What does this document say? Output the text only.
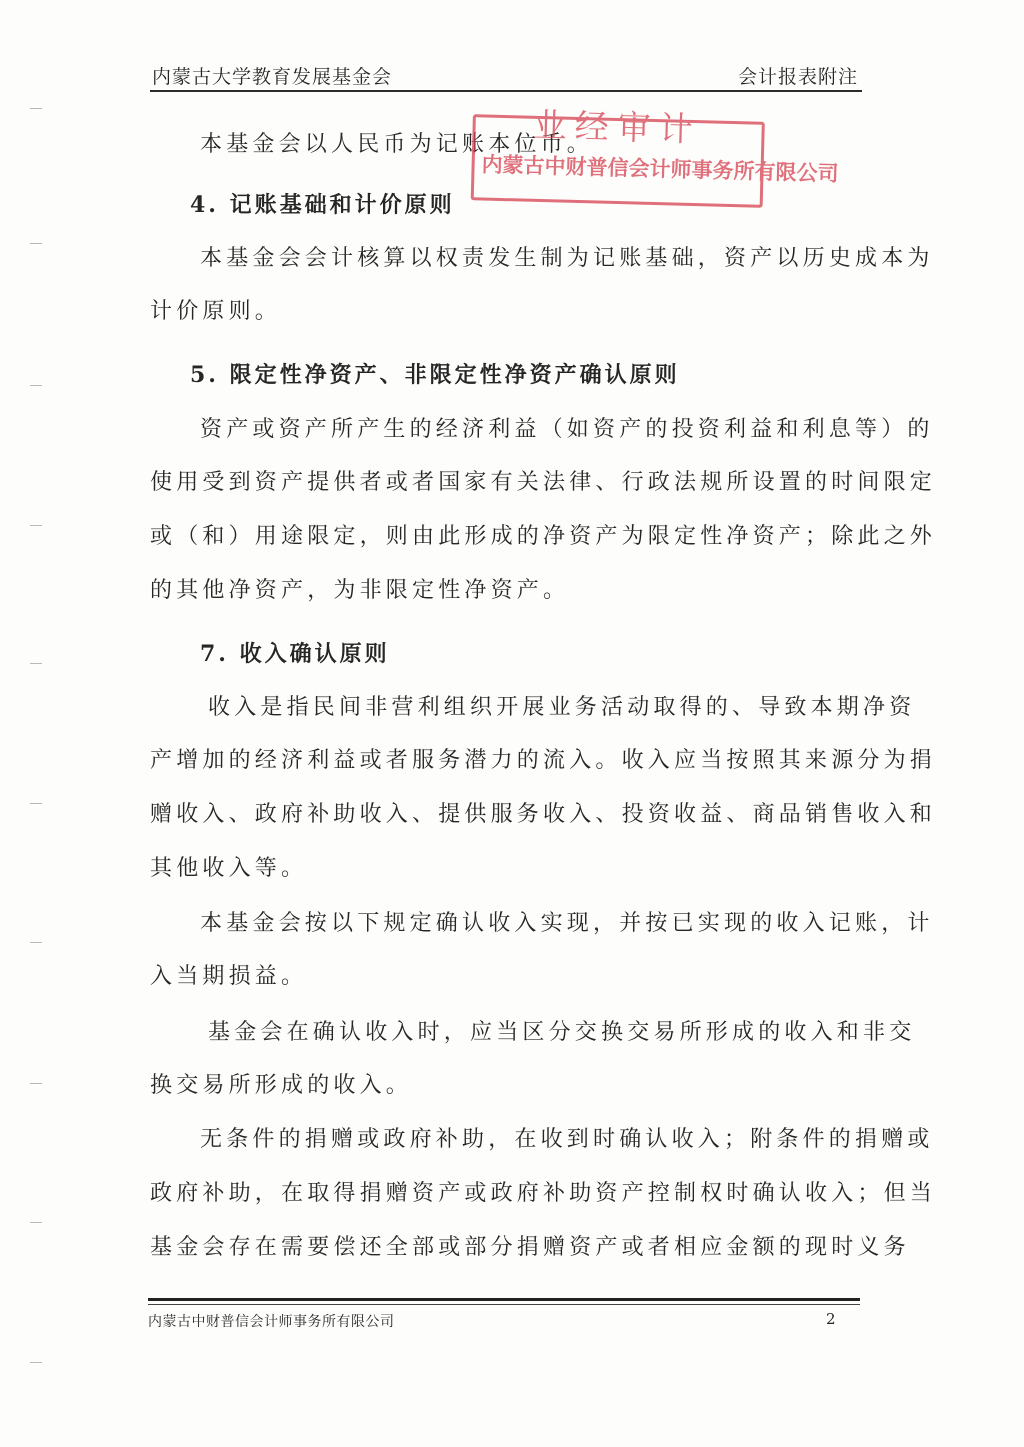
内蒙古大学教育发展基金会	会计报表附注
本基金会以人民币为记账本位币。
4. 记账基础和计价原则
本基金会会计核算以权责发生制为记账基础，资产以历史成本为
计价原则。
5. 限定性净资产、非限定性净资产确认原则
资产或资产所产生的经济利益（如资产的投资利益和利息等）的
使用受到资产提供者或者国家有关法律、行政法规所设置的时间限定
或（和）用途限定，则由此形成的净资产为限定性净资产；除此之外
的其他净资产，为非限定性净资产。
7. 收入确认原则
收入是指民间非营利组织开展业务活动取得的、导致本期净资
产增加的经济利益或者服务潜力的流入。收入应当按照其来源分为捐
赠收入、政府补助收入、提供服务收入、投资收益、商品销售收入和
其他收入等。
本基金会按以下规定确认收入实现，并按已实现的收入记账，计
入当期损益。
基金会在确认收入时，应当区分交换交易所形成的收入和非交
换交易所形成的收入。
无条件的捐赠或政府补助，在收到时确认收入；附条件的捐赠或
政府补助，在取得捐赠资产或政府补助资产控制权时确认收入；但当
基金会存在需要偿还全部或部分捐赠资产或者相应金额的现时义务
业经审计
内蒙古中财普信会计师事务所有限公司
内蒙古中财普信会计师事务所有限公司	2
